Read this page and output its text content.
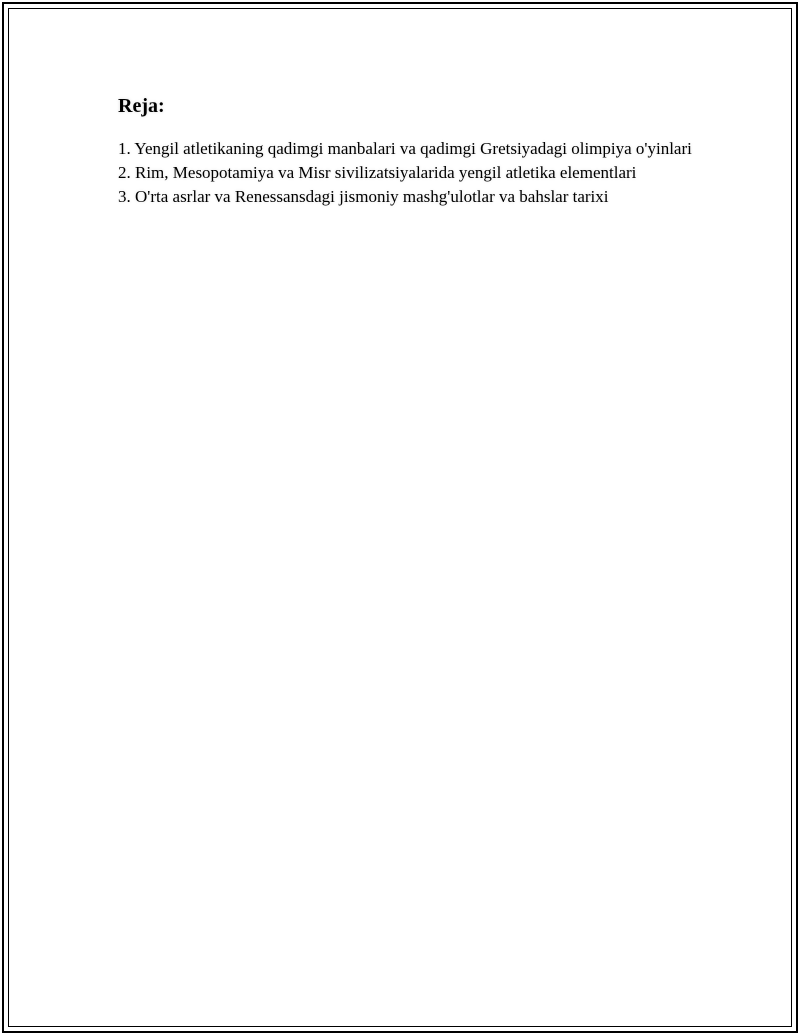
Reja:
1. Yengil atletikaning qadimgi manbalari va qadimgi Gretsiyadagi olimpiya o'yinlari
2. Rim, Mesopotamiya va Misr sivilizatsiyalarida yengil atletika elementlari
3. O'rta asrlar va Renessansdagi jismoniy mashg'ulotlar va bahslar tarixi
